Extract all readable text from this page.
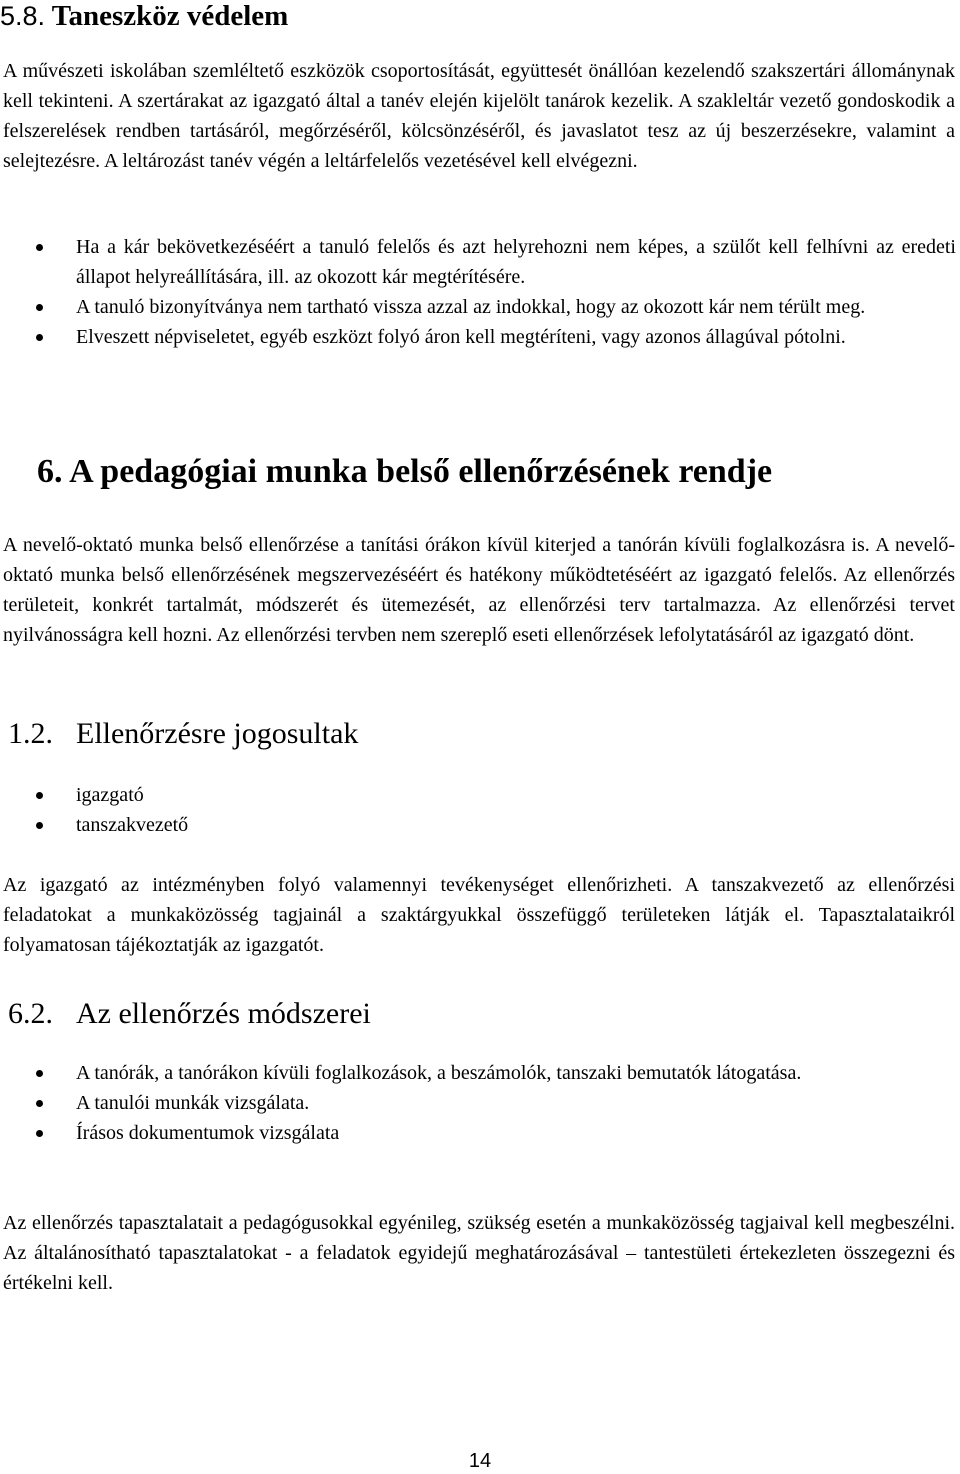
5.8. Taneszköz védelem

A művészeti iskolában szemléltető eszközök csoportosítását, együttesét önállóan kezelendő szakszertári állománynak kell tekinteni. A szertárakat az igazgató által a tanév elején kijelölt tanárok kezelik. A szakleltár vezető gondoskodik a felszerelések rendben tartásáról, megőrzéséről, kölcsönzéséről, és javaslatot tesz az új beszerzésekre, valamint a selejtezésre. A leltározást tanév végén a leltárfelelős vezetésével kell elvégezni.

Ha a kár bekövetkezéséért a tanuló felelős és azt helyrehozni nem képes, a szülőt kell felhívni az eredeti állapot helyreállítására, ill. az okozott kár megtérítésére.
A tanuló bizonyítványa nem tartható vissza azzal az indokkal, hogy az okozott kár nem térült meg.
Elveszett népviseletet, egyéb eszközt folyó áron kell megtéríteni, vagy azonos állagúval pótolni.
6. A pedagógiai munka belső ellenőrzésének rendje

A nevelő-oktató munka belső ellenőrzése a tanítási órákon kívül kiterjed a tanórán kívüli foglalkozásra is. A nevelő-oktató munka belső ellenőrzésének megszervezéséért és hatékony működtetéséért az igazgató felelős. Az ellenőrzés területeit, konkrét tartalmát, módszerét és ütemezését, az ellenőrzési terv tartalmazza. Az ellenőrzési tervet nyilvánosságra kell hozni. Az ellenőrzési tervben nem szereplő eseti ellenőrzések lefolytatásáról az igazgató dönt.

1.2. Ellenőrzésre jogosultak
igazgató
tanszakvezető

Az igazgató az intézményben folyó valamennyi tevékenységet ellenőrizheti. A tanszakvezető az ellenőrzési feladatokat a munkaközösség tagjainál a szaktárgyukkal összefüggő területeken látják el. Tapasztalataikról folyamatosan tájékoztatják az igazgatót.

6.2. Az ellenőrzés módszerei
A tanórák, a tanórákon kívüli foglalkozások, a beszámolók, tanszaki bemutatók látogatása.
A tanulói munkák vizsgálata.
Írásos dokumentumok vizsgálata

Az ellenőrzés tapasztalatait a pedagógusokkal egyénileg, szükség esetén a munkaközösség tagjaival kell megbeszélni. Az általánosítható tapasztalatokat - a feladatok egyidejű meghatározásával – tantestületi értekezleten összegezni és értékelni kell.

14
